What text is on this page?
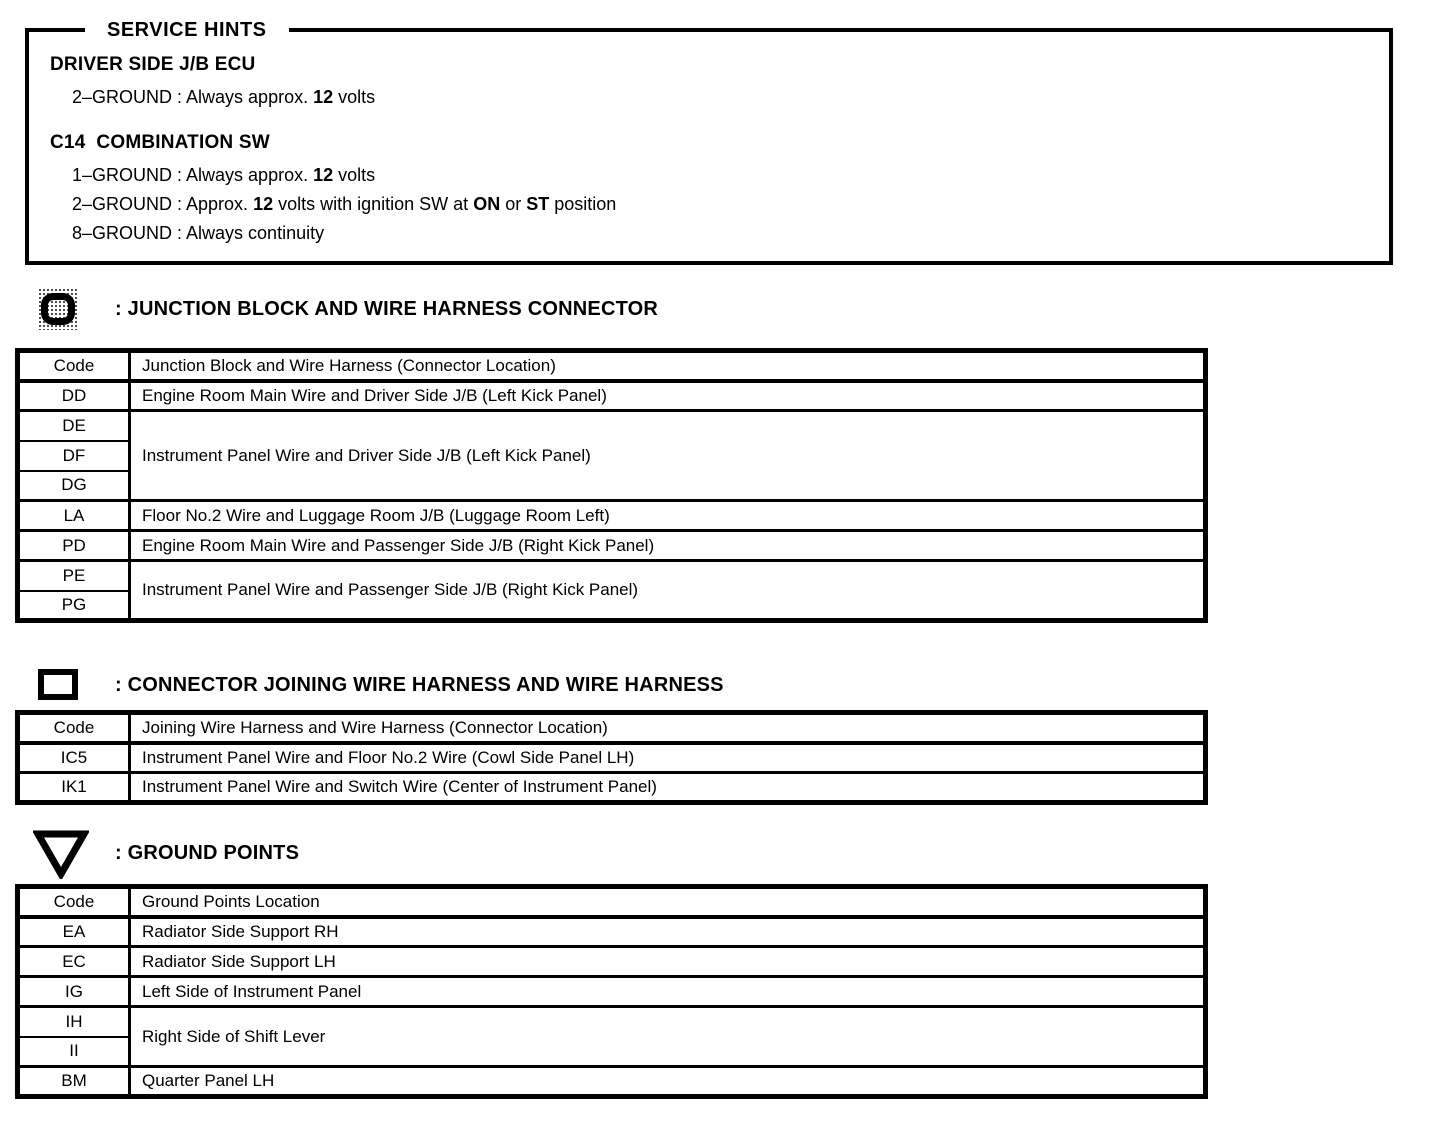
SERVICE HINTS
DRIVER SIDE J/B ECU
2–GROUND : Always approx. 12 volts
C14  COMBINATION SW
1–GROUND : Always approx. 12 volts
2–GROUND : Approx. 12 volts with ignition SW at ON or ST position
8–GROUND : Always continuity
: JUNCTION BLOCK AND WIRE HARNESS CONNECTOR
Code	Junction Block and Wire Harness (Connector Location)
DD	Engine Room Main Wire and Driver Side J/B (Left Kick Panel)
DE	Instrument Panel Wire and Driver Side J/B (Left Kick Panel)
DF	
DG	
LA	Floor No.2 Wire and Luggage Room J/B (Luggage Room Left)
PD	Engine Room Main Wire and Passenger Side J/B (Right Kick Panel)
PE	Instrument Panel Wire and Passenger Side J/B (Right Kick Panel)
PG	
: CONNECTOR JOINING WIRE HARNESS AND WIRE HARNESS
Code	Joining Wire Harness and Wire Harness (Connector Location)
IC5	Instrument Panel Wire and Floor No.2 Wire (Cowl Side Panel LH)
IK1	Instrument Panel Wire and Switch Wire (Center of Instrument Panel)
: GROUND POINTS
Code	Ground Points Location
EA	Radiator Side Support RH
EC	Radiator Side Support LH
IG	Left Side of Instrument Panel
IH	Right Side of Shift Lever
II	
BM	Quarter Panel LH
